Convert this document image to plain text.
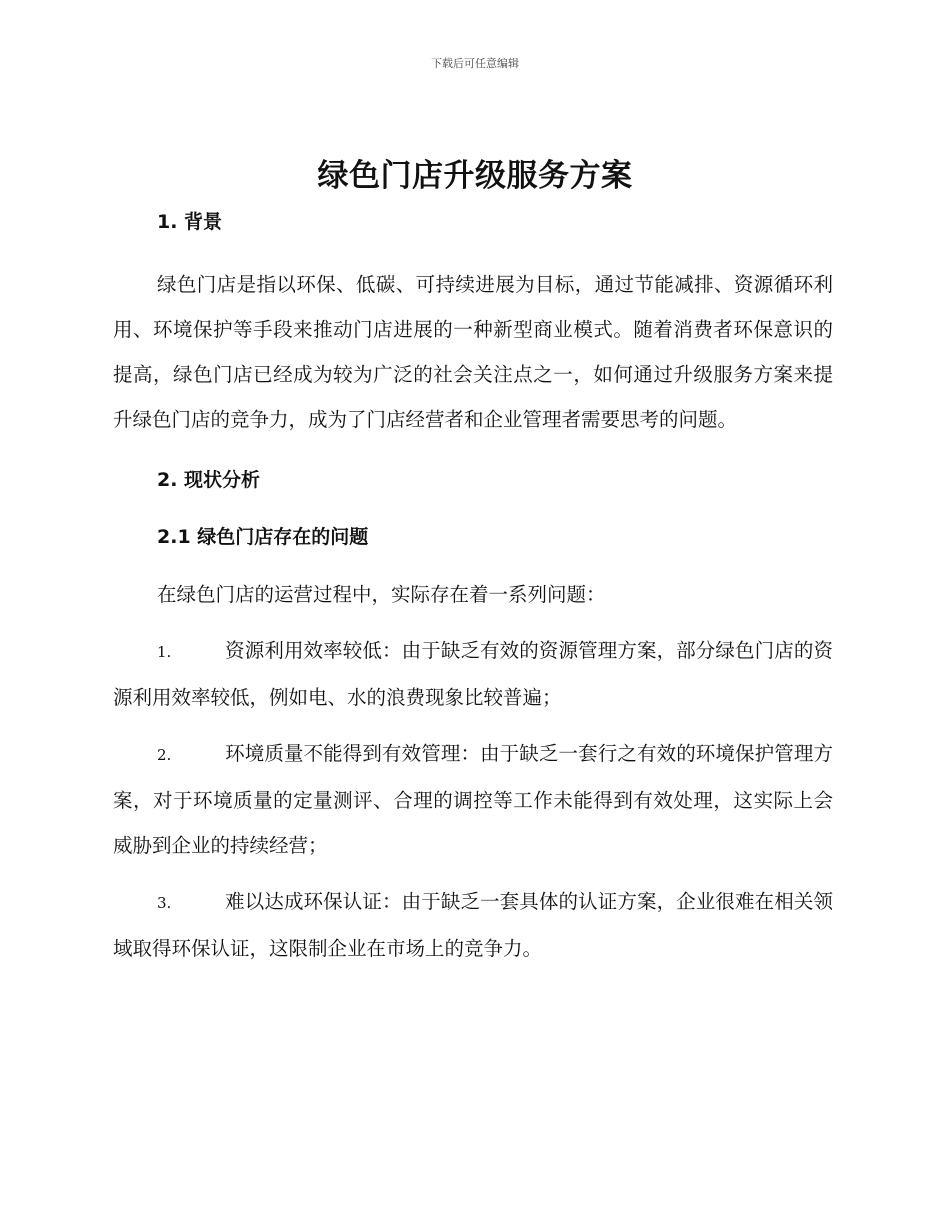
下载后可任意编辑
绿色门店升级服务方案

1. 背景

绿色门店是指以环保、低碳、可持续进展为目标，通过节能减排、资源循环利用、环境保护等手段来推动门店进展的一种新型商业模式。随着消费者环保意识的提高，绿色门店已经成为较为广泛的社会关注点之一，如何通过升级服务方案来提升绿色门店的竞争力，成为了门店经营者和企业管理者需要思考的问题。

2. 现状分析

2.1 绿色门店存在的问题

在绿色门店的运营过程中，实际存在着一系列问题：

1.	资源利用效率较低：由于缺乏有效的资源管理方案，部分绿色门店的资源利用效率较低，例如电、水的浪费现象比较普遍；
2.	环境质量不能得到有效管理：由于缺乏一套行之有效的环境保护管理方案，对于环境质量的定量测评、合理的调控等工作未能得到有效处理，这实际上会威胁到企业的持续经营；
3.	难以达成环保认证：由于缺乏一套具体的认证方案，企业很难在相关领域取得环保认证，这限制企业在市场上的竞争力。
